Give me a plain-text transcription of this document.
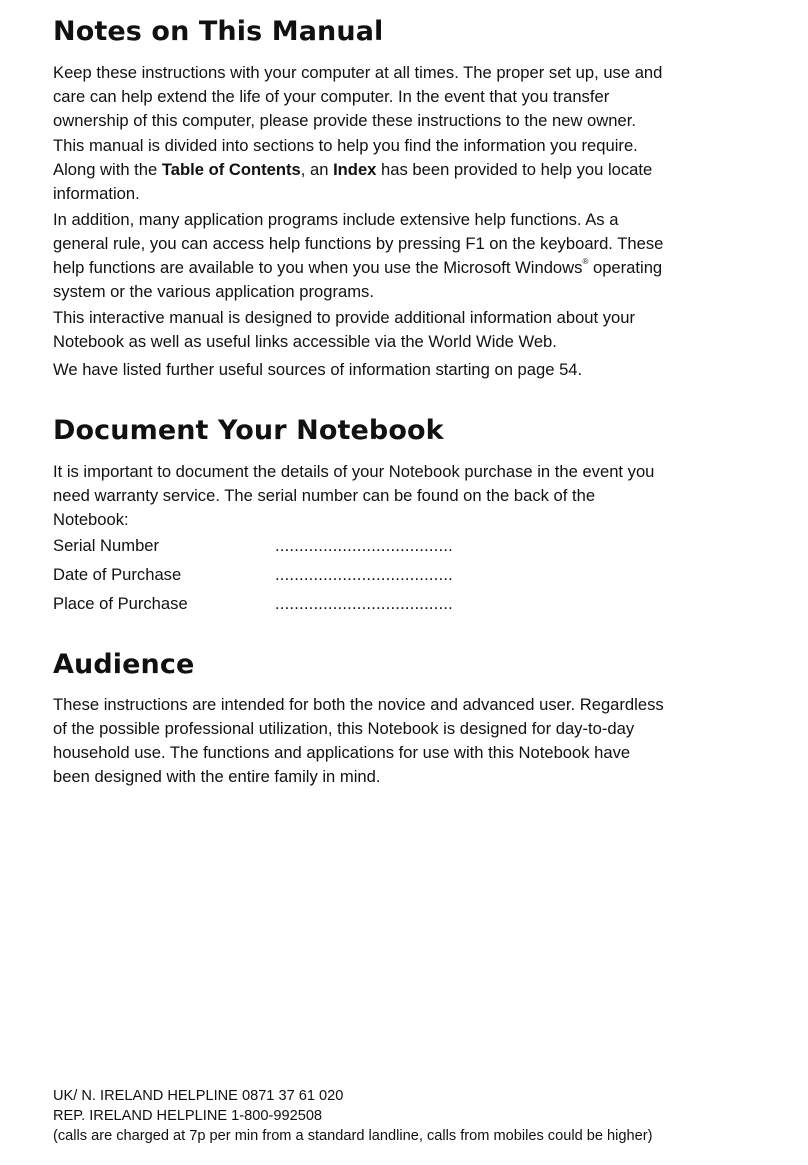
Notes on This Manual

Keep these instructions with your computer at all times. The proper set up, use and
care can help extend the life of your computer. In the event that you transfer
ownership of this computer, please provide these instructions to the new owner.

This manual is divided into sections to help you find the information you require.
Along with the Table of Contents, an Index has been provided to help you locate
information.

In addition, many application programs include extensive help functions. As a
general rule, you can access help functions by pressing F1 on the keyboard. These
help functions are available to you when you use the Microsoft Windows® operating
system or the various application programs.

This interactive manual is designed to provide additional information about your
Notebook as well as useful links accessible via the World Wide Web.

We have listed further useful sources of information starting on page 54.

Document Your Notebook

It is important to document the details of your Notebook purchase in the event you
need warranty service. The serial number can be found on the back of the
Notebook:

Serial Number	.....................................
Date of Purchase	.....................................
Place of Purchase	.....................................
Audience

These instructions are intended for both the novice and advanced user. Regardless
of the possible professional utilization, this Notebook is designed for day-to-day
household use. The functions and applications for use with this Notebook have
been designed with the entire family in mind.

UK/ N. IRELAND HELPLINE 0871 37 61 020
REP. IRELAND HELPLINE 1-800-992508
(calls are charged at 7p per min from a standard landline, calls from mobiles could be higher)
